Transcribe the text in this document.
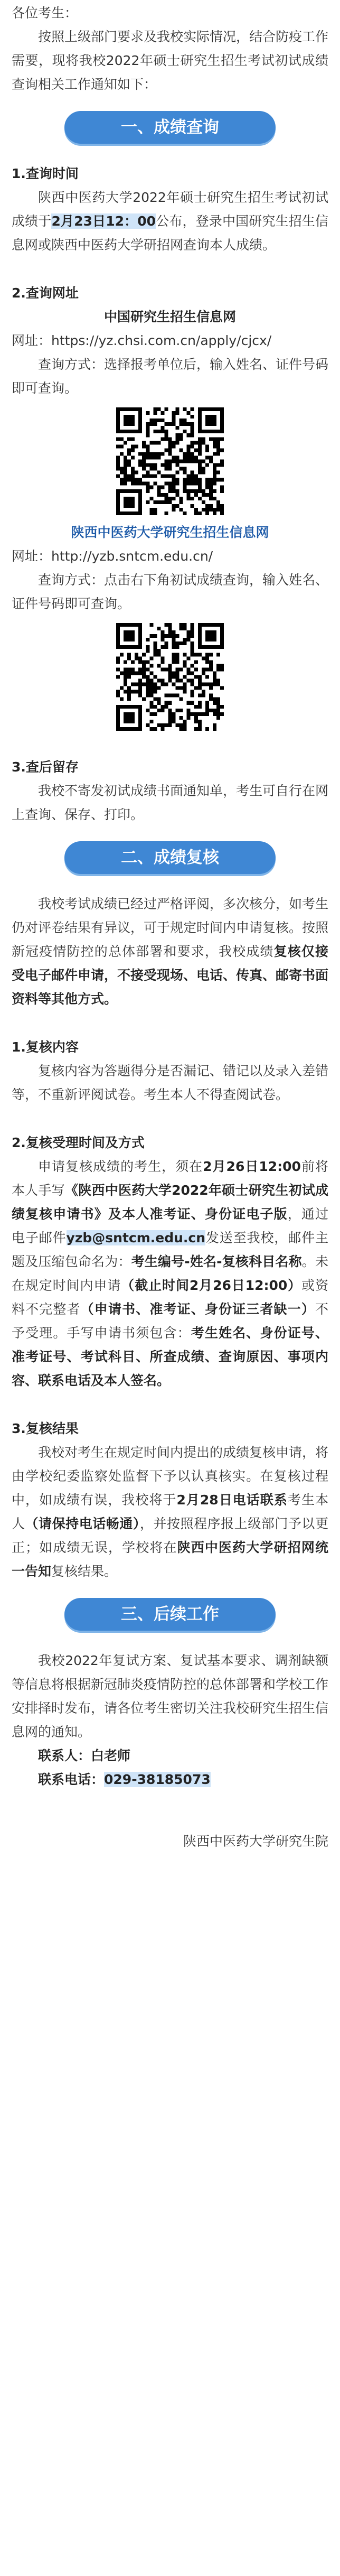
各位考生：

按照上级部门要求及我校实际情况，结合防疫工作需要，现将我校2022年硕士研究生招生考试初试成绩查询相关工作通知如下：

一、成绩查询

1.查询时间

陕西中医药大学2022年硕士研究生招生考试初试成绩于2月23日12：00公布，登录中国研究生招生信息网或陕西中医药大学研招网查询本人成绩。

2.查询网址

中国研究生招生信息网

网址：https://yz.chsi.com.cn/apply/cjcx/

查询方式：选择报考单位后，输入姓名、证件号码即可查询。

陕西中医药大学研究生招生信息网

网址：http://yzb.sntcm.edu.cn/

查询方式：点击右下角初试成绩查询，输入姓名、证件号码即可查询。

3.查后留存

我校不寄发初试成绩书面通知单，考生可自行在网上查询、保存、打印。

二、成绩复核

我校考试成绩已经过严格评阅，多次核分，如考生仍对评卷结果有异议，可于规定时间内申请复核。按照新冠疫情防控的总体部署和要求，我校成绩复核仅接受电子邮件申请，不接受现场、电话、传真、邮寄书面资料等其他方式。

1.复核内容

复核内容为答题得分是否漏记、错记以及录入差错等，不重新评阅试卷。考生本人不得查阅试卷。

2.复核受理时间及方式

申请复核成绩的考生，须在2月26日12:00前将本人手写《陕西中医药大学2022年硕士研究生初试成绩复核申请书》及本人准考证、身份证电子版，通过电子邮件yzb@sntcm.edu.cn发送至我校，邮件主题及压缩包命名为：考生编号-姓名-复核科目名称。未在规定时间内申请（截止时间2月26日12:00）或资料不完整者（申请书、准考证、身份证三者缺一）不予受理。手写申请书须包含：考生姓名、身份证号、准考证号、考试科目、所查成绩、查询原因、事项内容、联系电话及本人签名。

3.复核结果

我校对考生在规定时间内提出的成绩复核申请，将由学校纪委监察处监督下予以认真核实。在复核过程中，如成绩有误，我校将于2月28日电话联系考生本人（请保持电话畅通），并按照程序报上级部门予以更正；如成绩无误，学校将在陕西中医药大学研招网统一告知复核结果。

三、后续工作

我校2022年复试方案、复试基本要求、调剂缺额等信息将根据新冠肺炎疫情防控的总体部署和学校工作安排择时发布，请各位考生密切关注我校研究生招生信息网的通知。

联系人：白老师

联系电话：029-38185073

陕西中医药大学研究生院
